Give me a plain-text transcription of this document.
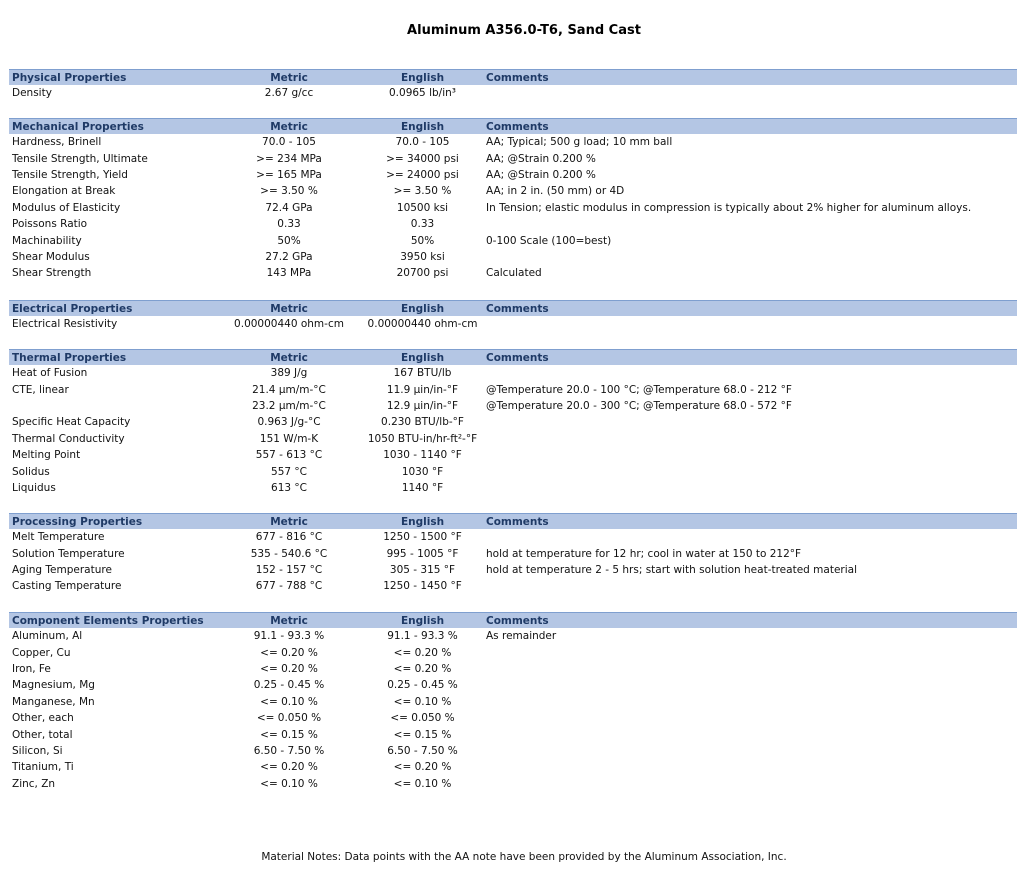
Aluminum A356.0-T6, Sand Cast
Physical Properties	Metric	English	Comments
Density	2.67 g/cc	0.0965 lb/in³
Mechanical Properties	Metric	English	Comments
Hardness, Brinell	70.0 - 105	70.0 - 105	AA; Typical; 500 g load; 10 mm ball
Tensile Strength, Ultimate	>= 234 MPa	>= 34000 psi	AA; @Strain 0.200 %
Tensile Strength, Yield	>= 165 MPa	>= 24000 psi	AA; @Strain 0.200 %
Elongation at Break	>= 3.50 %	>= 3.50 %	AA; in 2 in. (50 mm) or 4D
Modulus of Elasticity	72.4 GPa	10500 ksi	In Tension; elastic modulus in compression is typically about 2% higher for aluminum alloys.
Poissons Ratio	0.33	0.33
Machinability	50%	50%	0-100 Scale (100=best)
Shear Modulus	27.2 GPa	3950 ksi
Shear Strength	143 MPa	20700 psi	Calculated
Electrical Properties	Metric	English	Comments
Electrical Resistivity	0.00000440 ohm-cm	0.00000440 ohm-cm
Thermal Properties	Metric	English	Comments
Heat of Fusion	389 J/g	167 BTU/lb
CTE, linear	21.4 µm/m-°C	11.9 µin/in-°F	@Temperature 20.0 - 100 °C; @Temperature 68.0 - 212 °F
23.2 µm/m-°C	12.9 µin/in-°F	@Temperature 20.0 - 300 °C; @Temperature 68.0 - 572 °F
Specific Heat Capacity	0.963 J/g-°C	0.230 BTU/lb-°F
Thermal Conductivity	151 W/m-K	1050 BTU-in/hr-ft²-°F
Melting Point	557 - 613 °C	1030 - 1140 °F
Solidus	557 °C	1030 °F
Liquidus	613 °C	1140 °F
Processing Properties	Metric	English	Comments
Melt Temperature	677 - 816 °C	1250 - 1500 °F
Solution Temperature	535 - 540.6 °C	995 - 1005 °F	hold at temperature for 12 hr; cool in water at 150 to 212°F
Aging Temperature	152 - 157 °C	305 - 315 °F	hold at temperature 2 - 5 hrs; start with solution heat-treated material
Casting Temperature	677 - 788 °C	1250 - 1450 °F
Component Elements Properties	Metric	English	Comments
Aluminum, Al	91.1 - 93.3 %	91.1 - 93.3 %	As remainder
Copper, Cu	<= 0.20 %	<= 0.20 %
Iron, Fe	<= 0.20 %	<= 0.20 %
Magnesium, Mg	0.25 - 0.45 %	0.25 - 0.45 %
Manganese, Mn	<= 0.10 %	<= 0.10 %
Other, each	<= 0.050 %	<= 0.050 %
Other, total	<= 0.15 %	<= 0.15 %
Silicon, Si	6.50 - 7.50 %	6.50 - 7.50 %
Titanium, Ti	<= 0.20 %	<= 0.20 %
Zinc, Zn	<= 0.10 %	<= 0.10 %
Material Notes: Data points with the AA note have been provided by the Aluminum Association, Inc.
